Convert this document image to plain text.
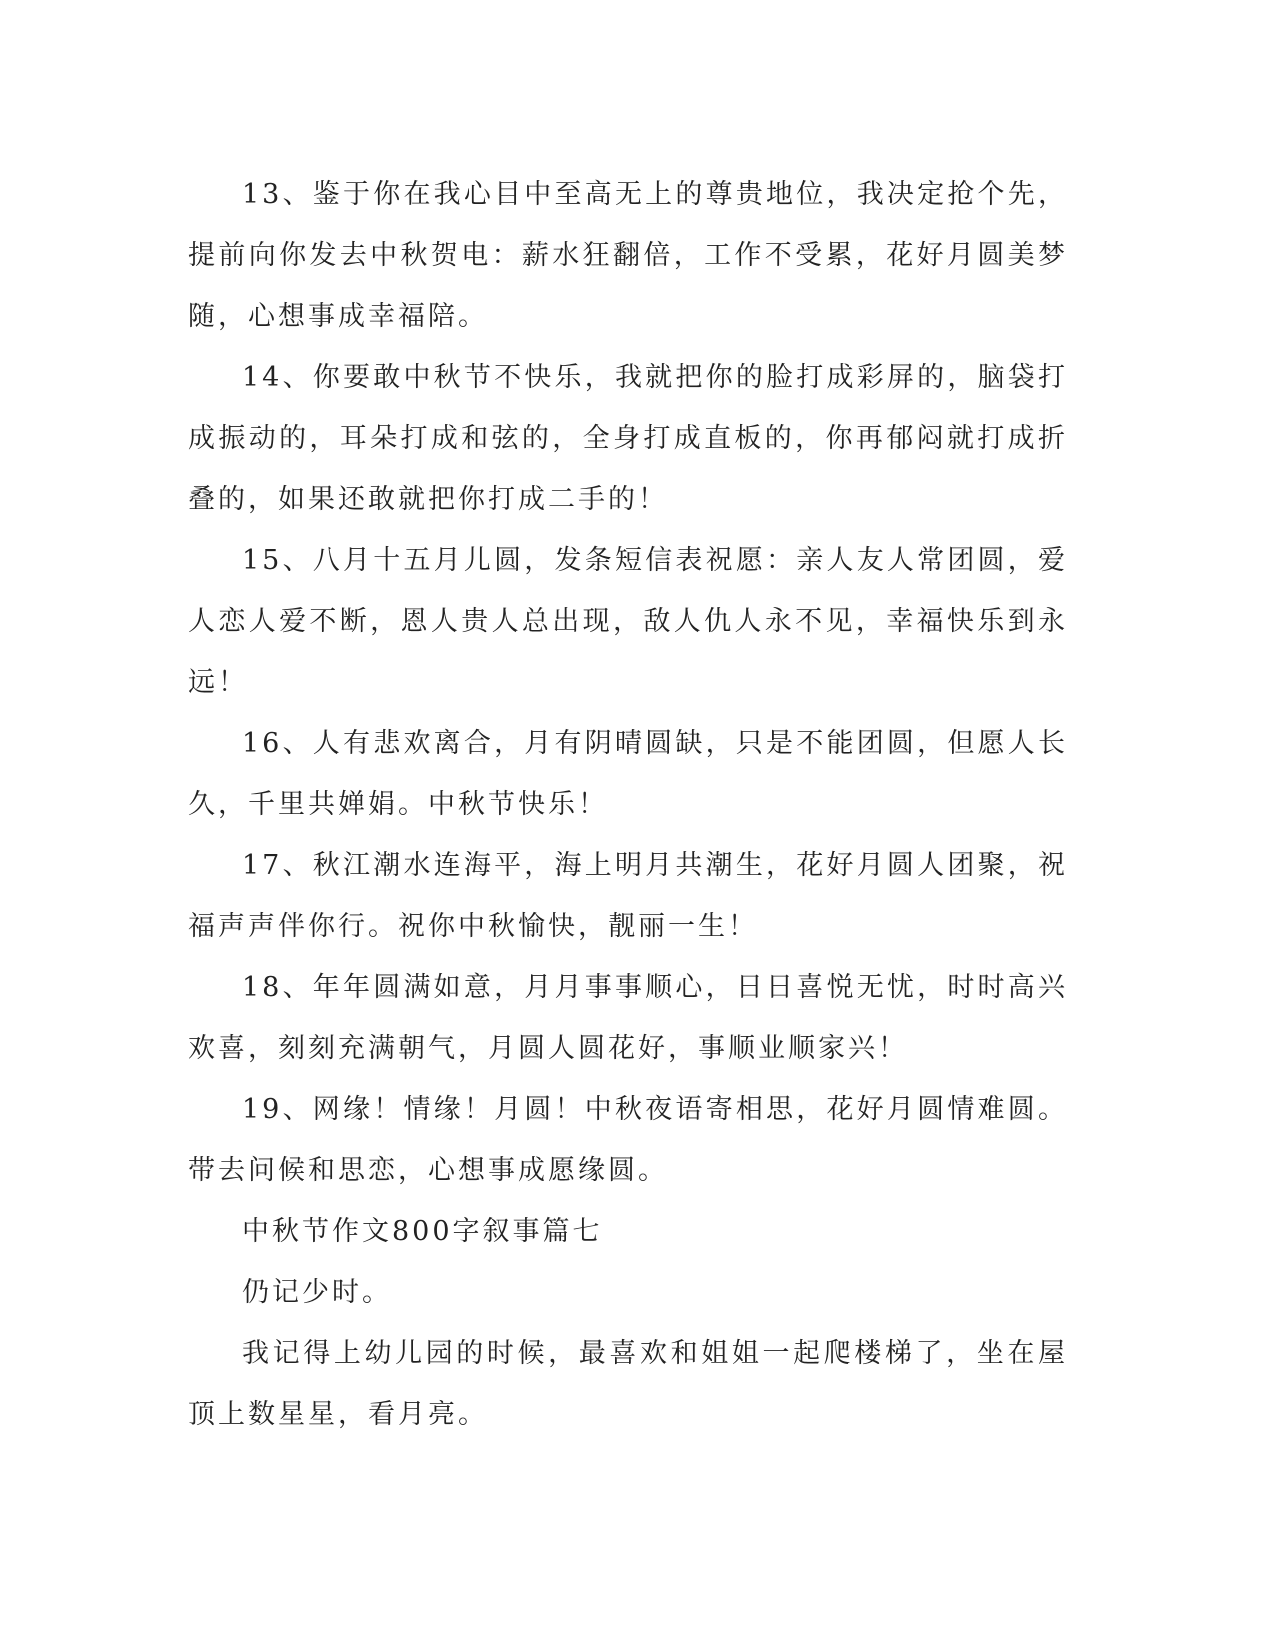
13、鉴于你在我心目中至高无上的尊贵地位，我决定抢个先，提前向你发去中秋贺电：薪水狂翻倍，工作不受累，花好月圆美梦随，心想事成幸福陪。

14、你要敢中秋节不快乐，我就把你的脸打成彩屏的，脑袋打成振动的，耳朵打成和弦的，全身打成直板的，你再郁闷就打成折叠的，如果还敢就把你打成二手的！

15、八月十五月儿圆，发条短信表祝愿：亲人友人常团圆，爱人恋人爱不断，恩人贵人总出现，敌人仇人永不见，幸福快乐到永远！

16、人有悲欢离合，月有阴晴圆缺，只是不能团圆，但愿人长久，千里共婵娟。中秋节快乐！

17、秋江潮水连海平，海上明月共潮生，花好月圆人团聚，祝福声声伴你行。祝你中秋愉快，靓丽一生！

18、年年圆满如意，月月事事顺心，日日喜悦无忧，时时高兴欢喜，刻刻充满朝气，月圆人圆花好，事顺业顺家兴！

19、网缘！情缘！月圆！中秋夜语寄相思，花好月圆情难圆。带去问候和思恋，心想事成愿缘圆。

中秋节作文800字叙事篇七

仍记少时。

我记得上幼儿园的时候，最喜欢和姐姐一起爬楼梯了，坐在屋顶上数星星，看月亮。
